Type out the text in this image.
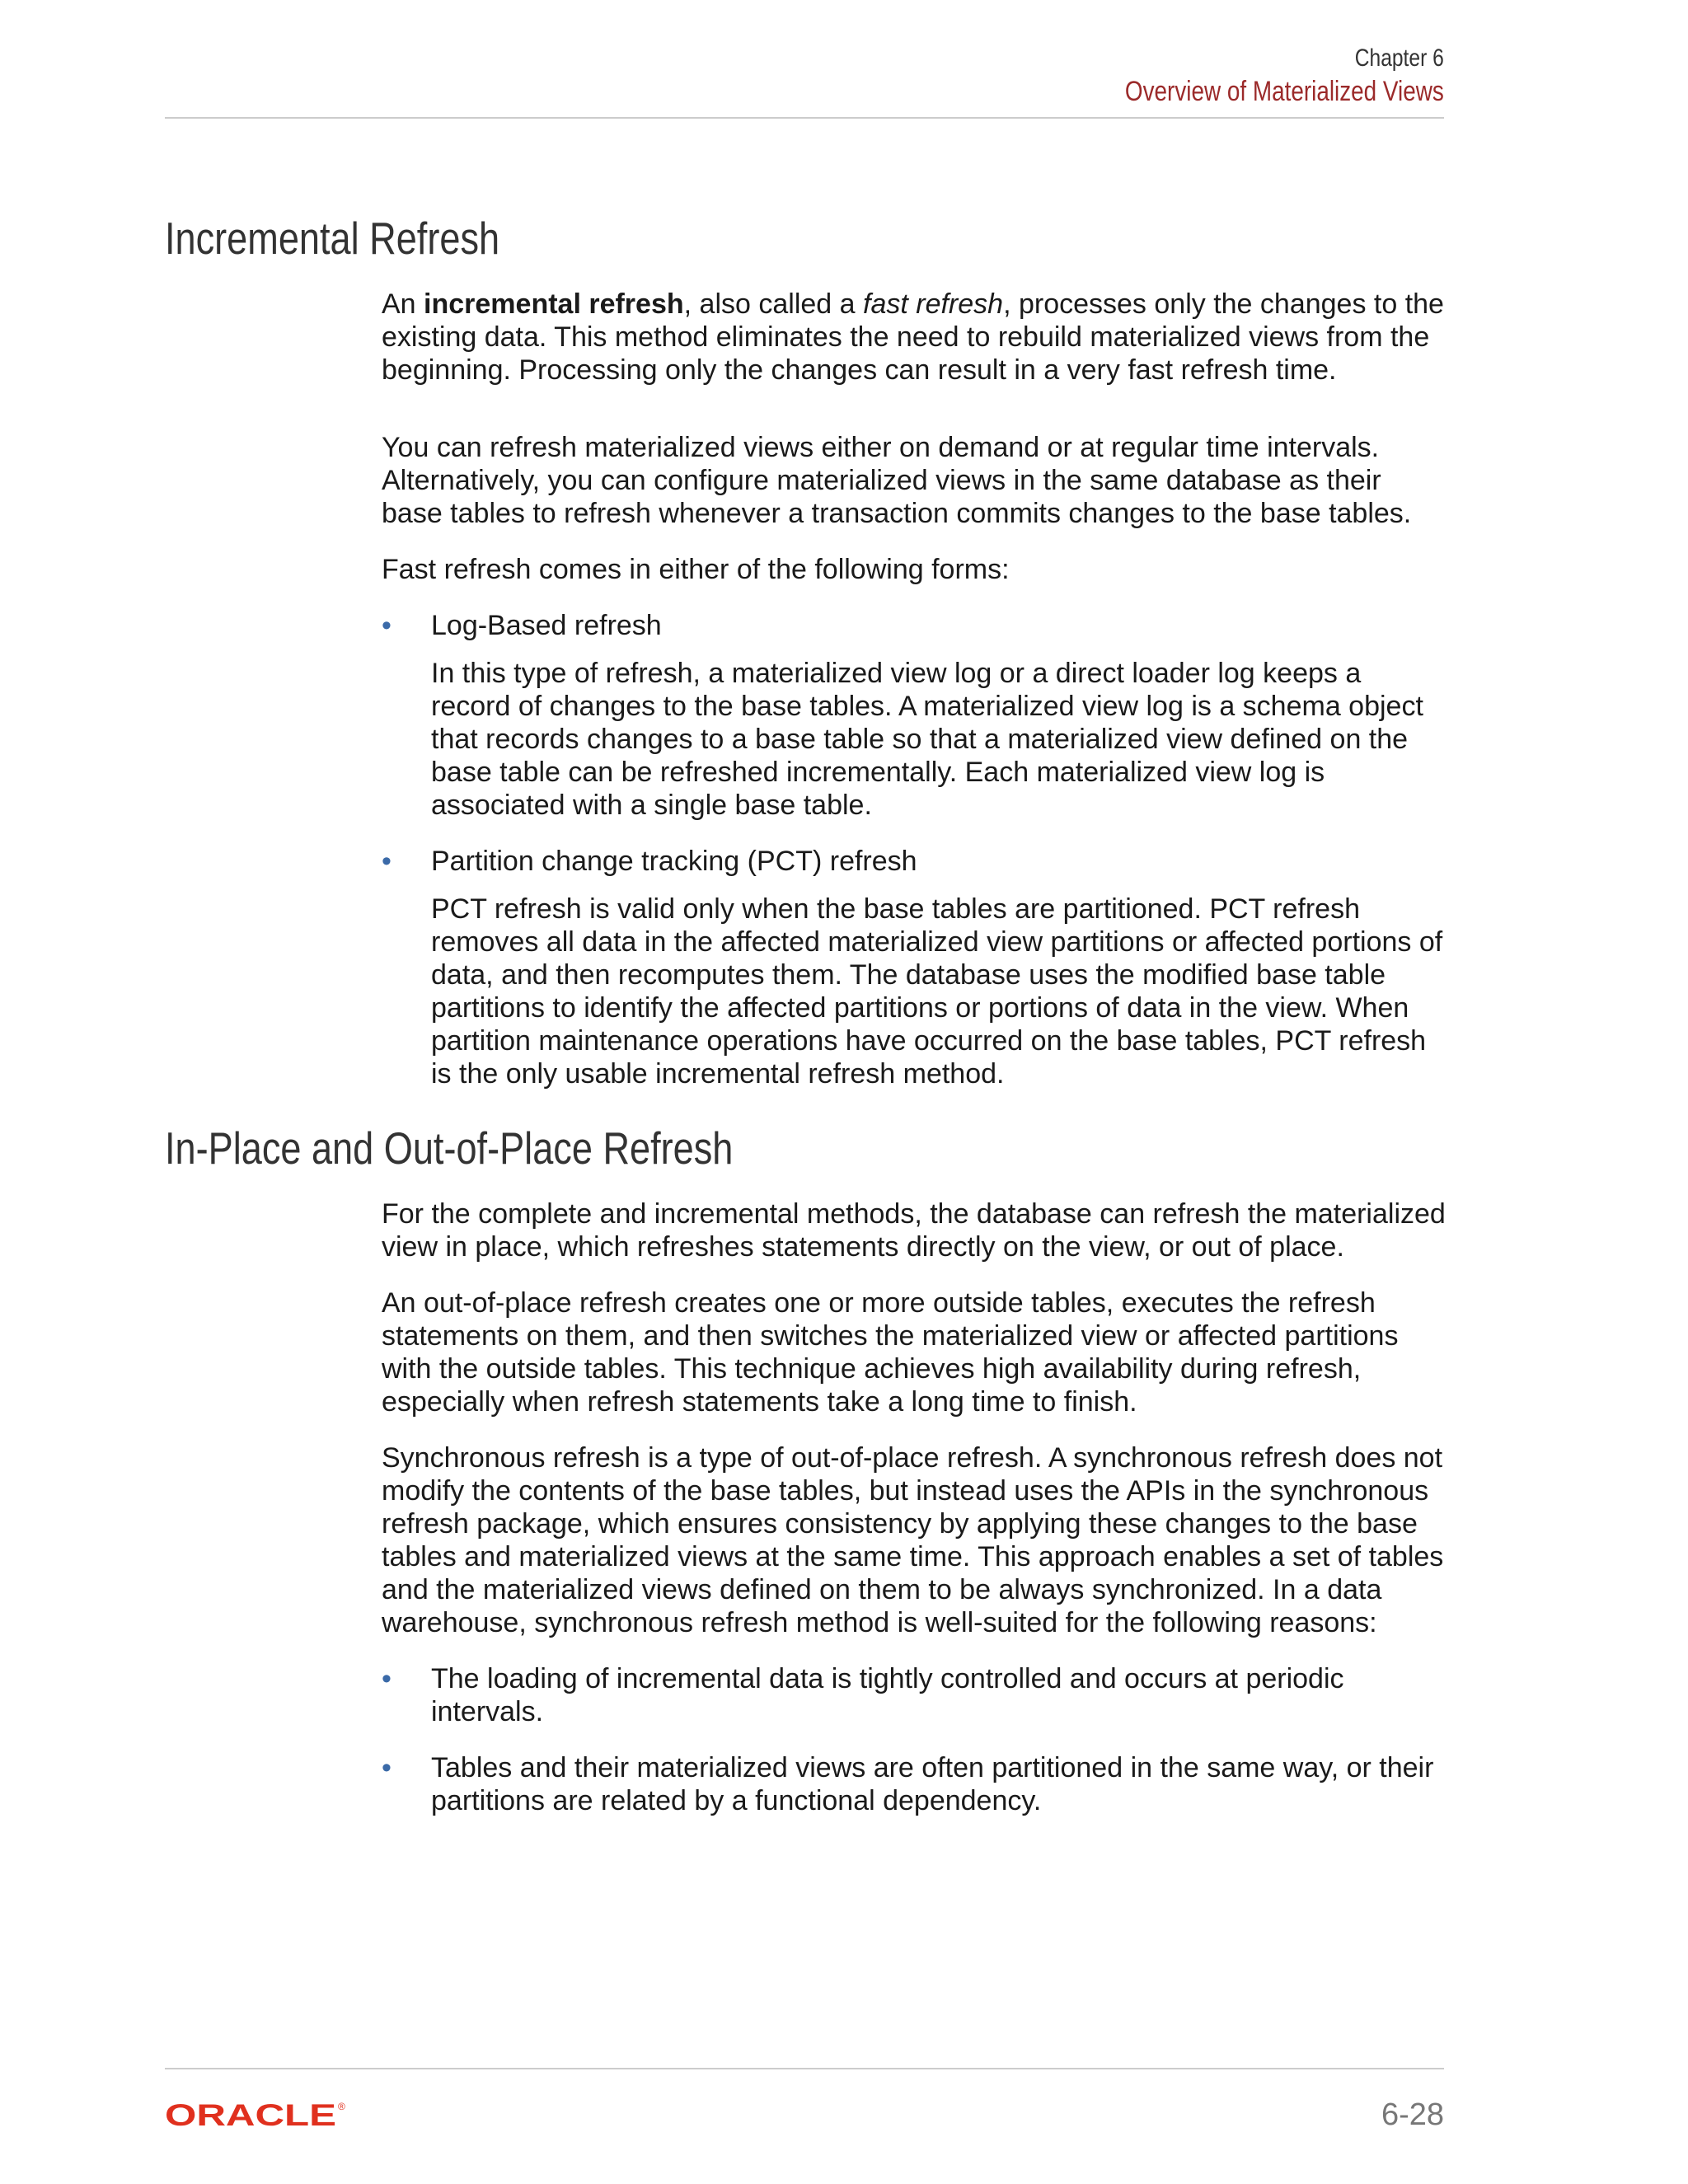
Chapter 6
Overview of Materialized Views
Incremental Refresh

An incremental refresh, also called a fast refresh, processes only the changes to the existing data. This method eliminates the need to rebuild materialized views from the beginning. Processing only the changes can result in a very fast refresh time.

You can refresh materialized views either on demand or at regular time intervals. Alternatively, you can configure materialized views in the same database as their base tables to refresh whenever a transaction commits changes to the base tables.

Fast refresh comes in either of the following forms:

• Log-Based refresh
In this type of refresh, a materialized view log or a direct loader log keeps a record of changes to the base tables. A materialized view log is a schema object that records changes to a base table so that a materialized view defined on the base table can be refreshed incrementally. Each materialized view log is associated with a single base table.
• Partition change tracking (PCT) refresh
PCT refresh is valid only when the base tables are partitioned. PCT refresh removes all data in the affected materialized view partitions or affected portions of data, and then recomputes them. The database uses the modified base table partitions to identify the affected partitions or portions of data in the view. When partition maintenance operations have occurred on the base tables, PCT refresh is the only usable incremental refresh method.
In-Place and Out-of-Place Refresh

For the complete and incremental methods, the database can refresh the materialized view in place, which refreshes statements directly on the view, or out of place.

An out-of-place refresh creates one or more outside tables, executes the refresh statements on them, and then switches the materialized view or affected partitions with the outside tables. This technique achieves high availability during refresh, especially when refresh statements take a long time to finish.

Synchronous refresh is a type of out-of-place refresh. A synchronous refresh does not modify the contents of the base tables, but instead uses the APIs in the synchronous refresh package, which ensures consistency by applying these changes to the base tables and materialized views at the same time. This approach enables a set of tables and the materialized views defined on them to be always synchronized. In a data warehouse, synchronous refresh method is well-suited for the following reasons:

• The loading of incremental data is tightly controlled and occurs at periodic intervals.
• Tables and their materialized views are often partitioned in the same way, or their partitions are related by a functional dependency.
ORACLE ®	6-28
